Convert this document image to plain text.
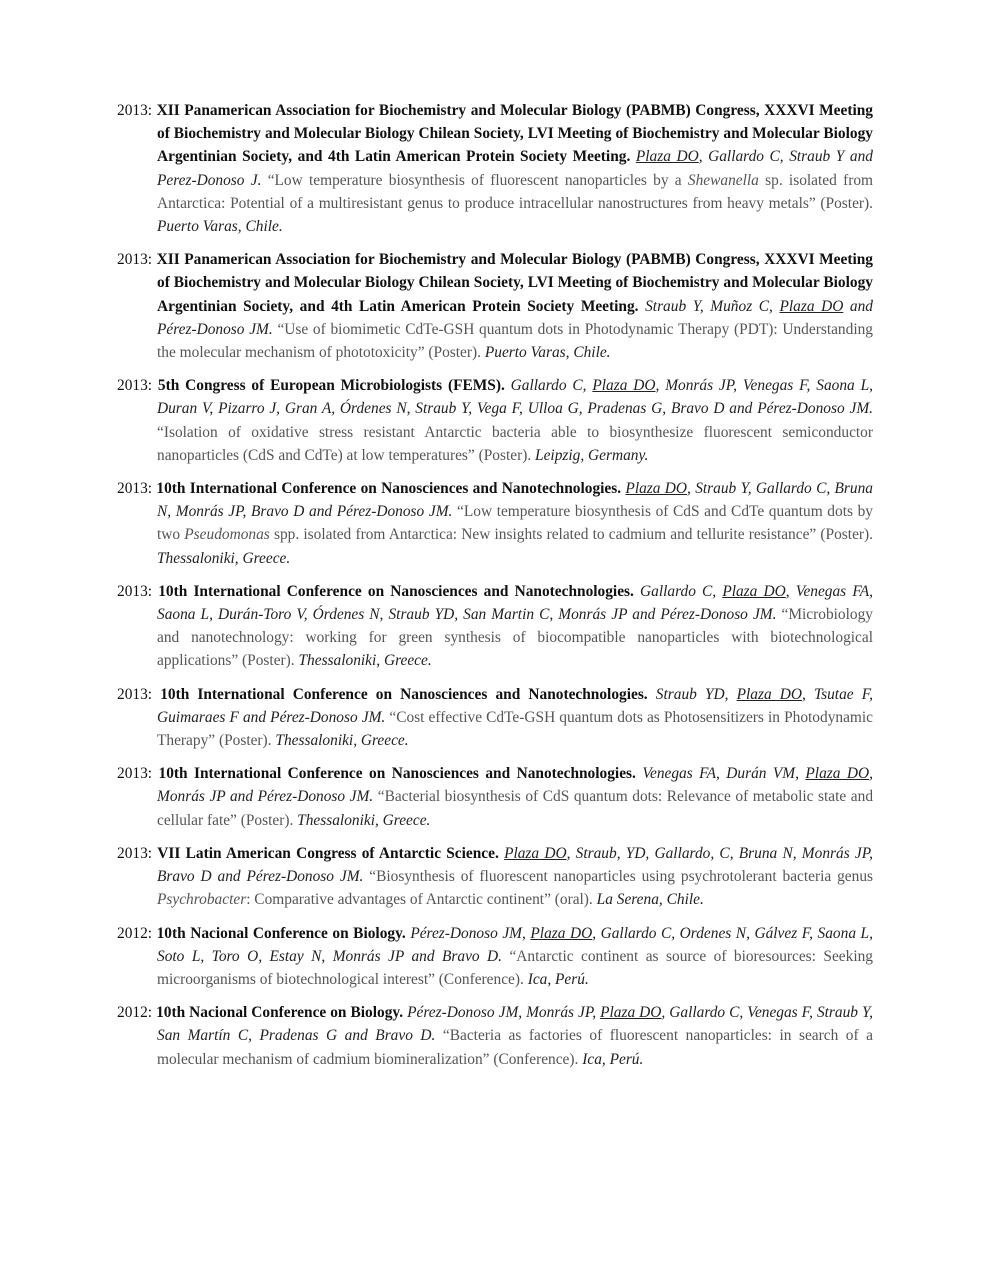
2013: XII Panamerican Association for Biochemistry and Molecular Biology (PABMB) Congress, XXXVI Meeting of Biochemistry and Molecular Biology Chilean Society, LVI Meeting of Biochemistry and Molecular Biology Argentinian Society, and 4th Latin American Protein Society Meeting. Plaza DO, Gallardo C, Straub Y and Perez-Donoso J. “Low temperature biosynthesis of fluorescent nanoparticles by a Shewanella sp. isolated from Antarctica: Potential of a multiresistant genus to produce intracellular nanostructures from heavy metals” (Poster). Puerto Varas, Chile.

2013: XII Panamerican Association for Biochemistry and Molecular Biology (PABMB) Congress, XXXVI Meeting of Biochemistry and Molecular Biology Chilean Society, LVI Meeting of Biochemistry and Molecular Biology Argentinian Society, and 4th Latin American Protein Society Meeting. Straub Y, Muñoz C, Plaza DO and Pérez-Donoso JM. “Use of biomimetic CdTe-GSH quantum dots in Photodynamic Therapy (PDT): Understanding the molecular mechanism of phototoxicity” (Poster). Puerto Varas, Chile.

2013: 5th Congress of European Microbiologists (FEMS). Gallardo C, Plaza DO, Monrás JP, Venegas F, Saona L, Duran V, Pizarro J, Gran A, Órdenes N, Straub Y, Vega F, Ulloa G, Pradenas G, Bravo D and Pérez-Donoso JM. “Isolation of oxidative stress resistant Antarctic bacteria able to biosynthesize fluorescent semiconductor nanoparticles (CdS and CdTe) at low temperatures” (Poster). Leipzig, Germany.

2013: 10th International Conference on Nanosciences and Nanotechnologies. Plaza DO, Straub Y, Gallardo C, Bruna N, Monrás JP, Bravo D and Pérez-Donoso JM. “Low temperature biosynthesis of CdS and CdTe quantum dots by two Pseudomonas spp. isolated from Antarctica: New insights related to cadmium and tellurite resistance” (Poster). Thessaloniki, Greece.

2013: 10th International Conference on Nanosciences and Nanotechnologies. Gallardo C, Plaza DO, Venegas FA, Saona L, Durán-Toro V, Órdenes N, Straub YD, San Martin C, Monrás JP and Pérez-Donoso JM. “Microbiology and nanotechnology: working for green synthesis of biocompatible nanoparticles with biotechnological applications” (Poster). Thessaloniki, Greece.

2013: 10th International Conference on Nanosciences and Nanotechnologies. Straub YD, Plaza DO, Tsutae F, Guimaraes F and Pérez-Donoso JM. “Cost effective CdTe-GSH quantum dots as Photosensitizers in Photodynamic Therapy” (Poster). Thessaloniki, Greece.

2013: 10th International Conference on Nanosciences and Nanotechnologies. Venegas FA, Durán VM, Plaza DO, Monrás JP and Pérez-Donoso JM. “Bacterial biosynthesis of CdS quantum dots: Relevance of metabolic state and cellular fate” (Poster). Thessaloniki, Greece.

2013: VII Latin American Congress of Antarctic Science. Plaza DO, Straub, YD, Gallardo, C, Bruna N, Monrás JP, Bravo D and Pérez-Donoso JM. “Biosynthesis of fluorescent nanoparticles using psychrotolerant bacteria genus Psychrobacter: Comparative advantages of Antarctic continent” (oral). La Serena, Chile.

2012: 10th Nacional Conference on Biology. Pérez-Donoso JM, Plaza DO, Gallardo C, Ordenes N, Gálvez F, Saona L, Soto L, Toro O, Estay N, Monrás JP and Bravo D. “Antarctic continent as source of bioresources: Seeking microorganisms of biotechnological interest” (Conference). Ica, Perú.

2012: 10th Nacional Conference on Biology. Pérez-Donoso JM, Monrás JP, Plaza DO, Gallardo C, Venegas F, Straub Y, San Martín C, Pradenas G and Bravo D. “Bacteria as factories of fluorescent nanoparticles: in search of a molecular mechanism of cadmium biomineralization” (Conference). Ica, Perú.
